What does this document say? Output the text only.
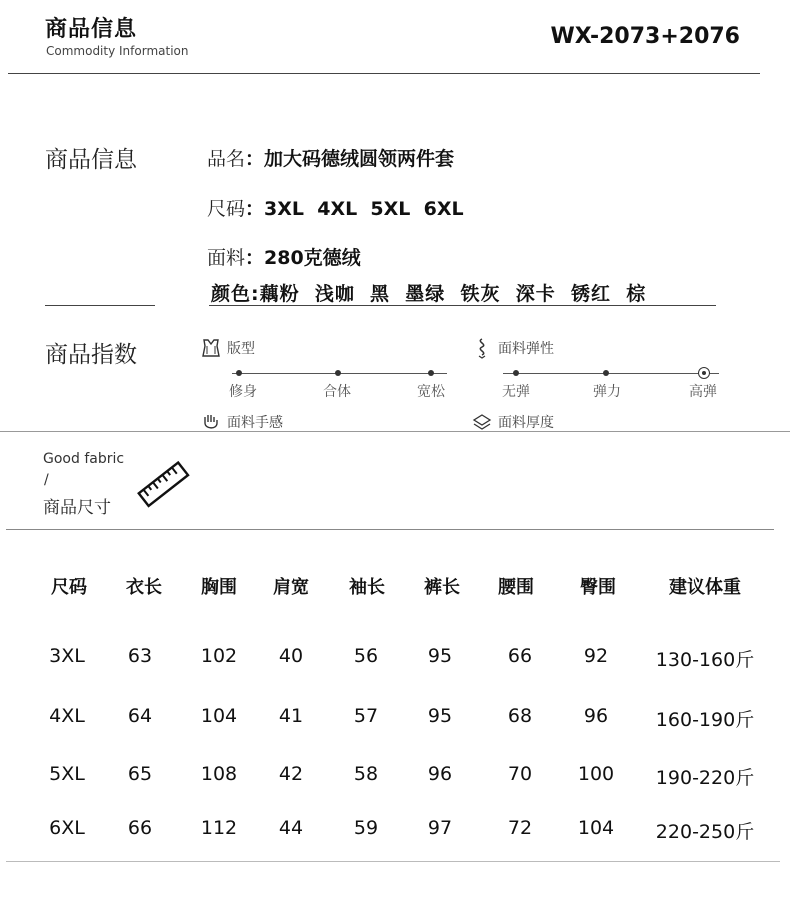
商品信息
Commodity Information
WX-2073+2076
商品信息	品名：加大码德绒圆领两件套
尺码：3XL  4XL  5XL  6XL
面料：280克德绒
颜色:藕粉  浅咖  黑  墨绿  铁灰  深卡  锈红  棕
商品指数	版型
修身	合体	宽松
面料弹性
无弹	弹力	高弹
面料手感	面料厚度
Good fabric
/
商品尺寸
尺码 衣长 胸围 肩宽 袖长 裤长 腰围	臀围	建议体重
3XL 63	102 40	56	95	66	92	130-160斤
4XL 64	104 41	57	95	68	96	160-190斤
5XL 65	108 42	58	96	70 100 190-220斤
6XL 66	112 44	59	97	72 104 220-250斤
